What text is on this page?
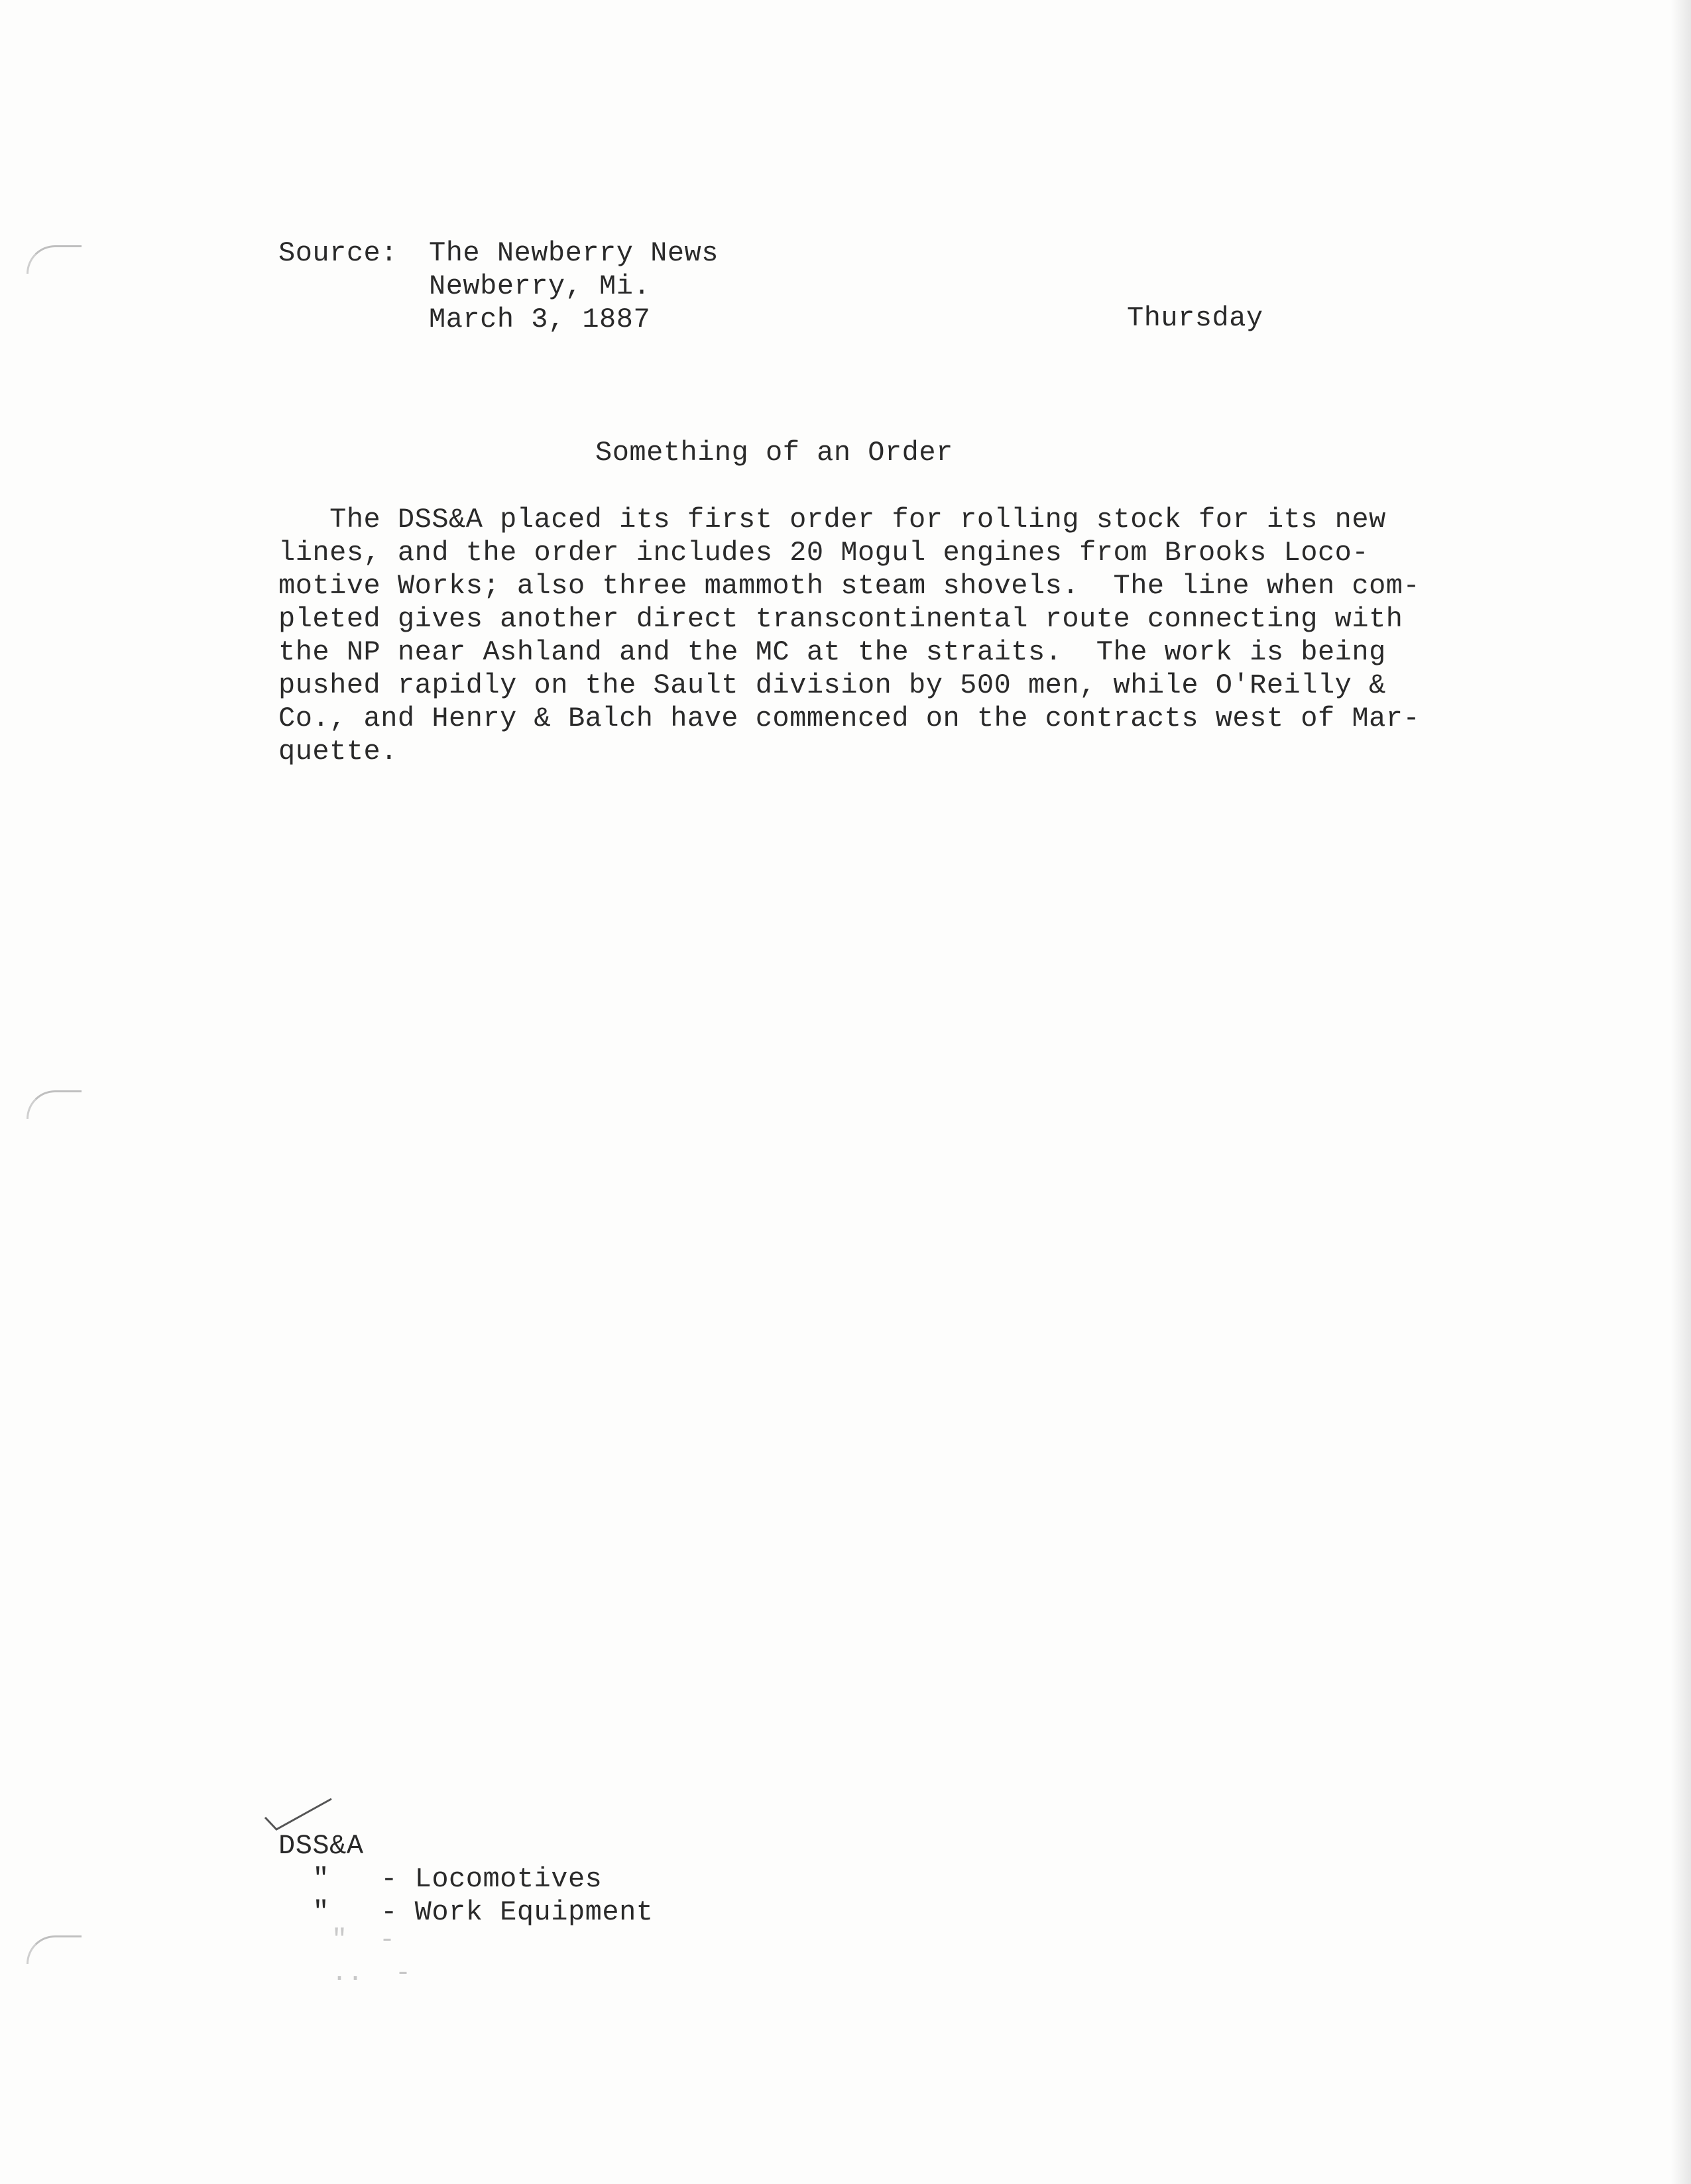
Source: The Newberry News
Newberry, Mi.
March 3, 1887	Thursday
Something of an Order
The DSS&A placed its first order for rolling stock for its new
lines, and the order includes 20 Mogul engines from Brooks Loco-
motive Works; also three mammoth steam shovels.  The line when com-
pleted gives another direct transcontinental route connecting with
the NP near Ashland and the MC at the straits.  The work is being
pushed rapidly on the Sault division by 500 men, while O'Reilly &
Co., and Henry & Balch have commenced on the contracts west of Mar-
quette.
DSS&A
"   - Locomotives
"   - Work Equipment
"  -
..  -
